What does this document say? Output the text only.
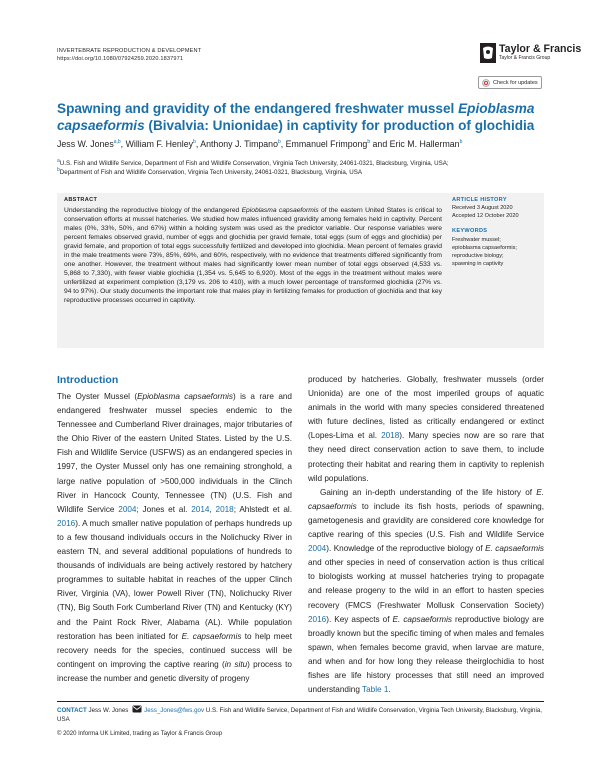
INVERTEBRATE REPRODUCTION & DEVELOPMENT
https://doi.org/10.1080/07924259.2020.1837971
Taylor & Francis
Taylor & Francis Group
Check for updates
Spawning and gravidity of the endangered freshwater mussel Epioblasma capsaeformis (Bivalvia: Unionidae) in captivity for production of glochidia
Jess W. Jones$^{a,b}$, William F. Henley$^b$, Anthony J. Timpano$^b$, Emmanuel Frimpong$^b$ and Eric M. Hallerman$^b$
$^a$U.S. Fish and Wildlife Service, Department of Fish and Wildlife Conservation, Virginia Tech University, 24061-0321, Blacksburg, Virginia, USA;
$^b$Department of Fish and Wildlife Conservation, Virginia Tech University, 24061-0321, Blacksburg, Virginia, USA
ABSTRACT
Understanding the reproductive biology of the endangered Epioblasma capsaeformis of the eastern United States is critical to conservation efforts at mussel hatcheries. We studied how males influenced gravidity among females held in captivity. Percent males (0%, 33%, 50%, and 67%) within a holding system was used as the predictor variable. Our response variables were percent females observed gravid, number of eggs and glochidia per gravid female, total eggs (sum of eggs and glochidia) per gravid female, and proportion of total eggs successfully fertilized and developed into glochidia. Mean percent of females gravid in the male treatments were 73%, 85%, 69%, and 60%, respectively, with no evidence that treatments differed significantly from one another. However, the treatment without males had significantly lower mean number of total eggs observed (4,533 vs. 5,868 to 7,330), with fewer viable glochidia (1,354 vs. 5,645 to 6,920). Most of the eggs in the treatment without males were unfertilized at experiment completion (3,179 vs. 206 to 410), with a much lower percentage of transformed glochidia (27% vs. 94 to 97%). Our study documents the important role that males play in fertilizing females for production of glochidia and that key reproductive processes occurred in captivity.
ARTICLE HISTORY
Received 3 August 2020
Accepted 12 October 2020
KEYWORDS
Freshwater mussel;
epioblasma capsaeformis;
reproductive biology;
spawning in captivity
Introduction
The Oyster Mussel (Epioblasma capsaeformis) is a rare and endangered freshwater mussel species endemic to the Tennessee and Cumberland River drainages, major tributaries of the Ohio River of the eastern United States. Listed by the U.S. Fish and Wildlife Service (USFWS) as an endangered species in 1997, the Oyster Mussel only has one remaining stronghold, a large native population of >500,000 individuals in the Clinch River in Hancock County, Tennessee (TN) (U.S. Fish and Wildlife Service 2004; Jones et al. 2014, 2018; Ahlstedt et al. 2016). A much smaller native population of perhaps hundreds up to a few thousand individuals occurs in the Nolichucky River in eastern TN, and several additional populations of hundreds to thousands of individuals are being actively restored by hatchery programmes to suitable habitat in reaches of the upper Clinch River, Virginia (VA), lower Powell River (TN), Nolichucky River (TN), Big South Fork Cumberland River (TN) and Kentucky (KY) and the Paint Rock River, Alabama (AL). While population restoration has been initiated for E. capsaeformis to help meet recovery needs for the species, continued success will be contingent on improving the captive rearing (in situ) process to increase the number and genetic diversity of progeny
produced by hatcheries. Globally, freshwater mussels (order Unionida) are one of the most imperiled groups of aquatic animals in the world with many species considered threatened with future declines, listed as critically endangered or extinct (Lopes-Lima et al. 2018). Many species now are so rare that they need direct conservation action to save them, to include protecting their habitat and rearing them in captivity to replenish wild populations.
Gaining an in-depth understanding of the life history of E. capsaeformis to include its fish hosts, periods of spawning, gametogenesis and gravidity are considered core knowledge for captive rearing of this species (U.S. Fish and Wildlife Service 2004). Knowledge of the reproductive biology of E. capsaeformis and other species in need of conservation action is thus critical to biologists working at mussel hatcheries trying to propagate and release progeny to the wild in an effort to hasten species recovery (FMCS (Freshwater Mollusk Conservation Society) 2016). Key aspects of E. capsaeformis reproductive biology are broadly known but the specific timing of when males and females spawn, when females become gravid, when larvae are mature, and when and for how long they release theirglochidia to host fishes are life history processes that still need an improved understanding Table 1.
CONTACT Jess W. Jones Jess_Jones@fws.gov U.S. Fish and Wildlife Service, Department of Fish and Wildlife Conservation, Virginia Tech University, Blacksburg, Virginia, USA
© 2020 Informa UK Limited, trading as Taylor & Francis Group
